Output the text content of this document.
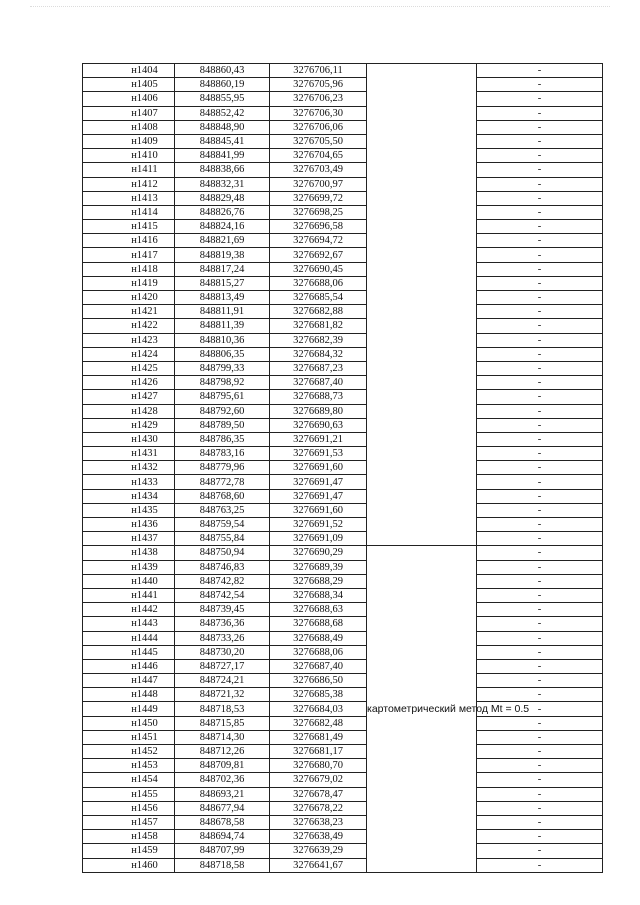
н1404	848860,43	3276706,11		-
н1405	848860,19	3276705,96		-
н1406	848855,95	3276706,23		-
н1407	848852,42	3276706,30		-
н1408	848848,90	3276706,06		-
н1409	848845,41	3276705,50		-
н1410	848841,99	3276704,65		-
н1411	848838,66	3276703,49		-
н1412	848832,31	3276700,97		-
н1413	848829,48	3276699,72		-
н1414	848826,76	3276698,25		-
н1415	848824,16	3276696,58		-
н1416	848821,69	3276694,72		-
н1417	848819,38	3276692,67		-
н1418	848817,24	3276690,45		-
н1419	848815,27	3276688,06		-
н1420	848813,49	3276685,54		-
н1421	848811,91	3276682,88		-
н1422	848811,39	3276681,82		-
н1423	848810,36	3276682,39		-
н1424	848806,35	3276684,32		-
н1425	848799,33	3276687,23		-
н1426	848798,92	3276687,40		-
н1427	848795,61	3276688,73		-
н1428	848792,60	3276689,80		-
н1429	848789,50	3276690,63		-
н1430	848786,35	3276691,21		-
н1431	848783,16	3276691,53		-
н1432	848779,96	3276691,60		-
н1433	848772,78	3276691,47		-
н1434	848768,60	3276691,47		-
н1435	848763,25	3276691,60		-
н1436	848759,54	3276691,52		-
н1437	848755,84	3276691,09		-
н1438	848750,94	3276690,29	картометрический метод Mt = 0.5	-
н1439	848746,83	3276689,39		-
н1440	848742,82	3276688,29		-
н1441	848742,54	3276688,34		-
н1442	848739,45	3276688,63		-
н1443	848736,36	3276688,68		-
н1444	848733,26	3276688,49		-
н1445	848730,20	3276688,06		-
н1446	848727,17	3276687,40		-
н1447	848724,21	3276686,50		-
н1448	848721,32	3276685,38		-
н1449	848718,53	3276684,03		-
н1450	848715,85	3276682,48		-
н1451	848714,30	3276681,49		-
н1452	848712,26	3276681,17		-
н1453	848709,81	3276680,70		-
н1454	848702,36	3276679,02		-
н1455	848693,21	3276678,47		-
н1456	848677,94	3276678,22		-
н1457	848678,58	3276638,23		-
н1458	848694,74	3276638,49		-
н1459	848707,99	3276639,29		-
н1460	848718,58	3276641,67		-
